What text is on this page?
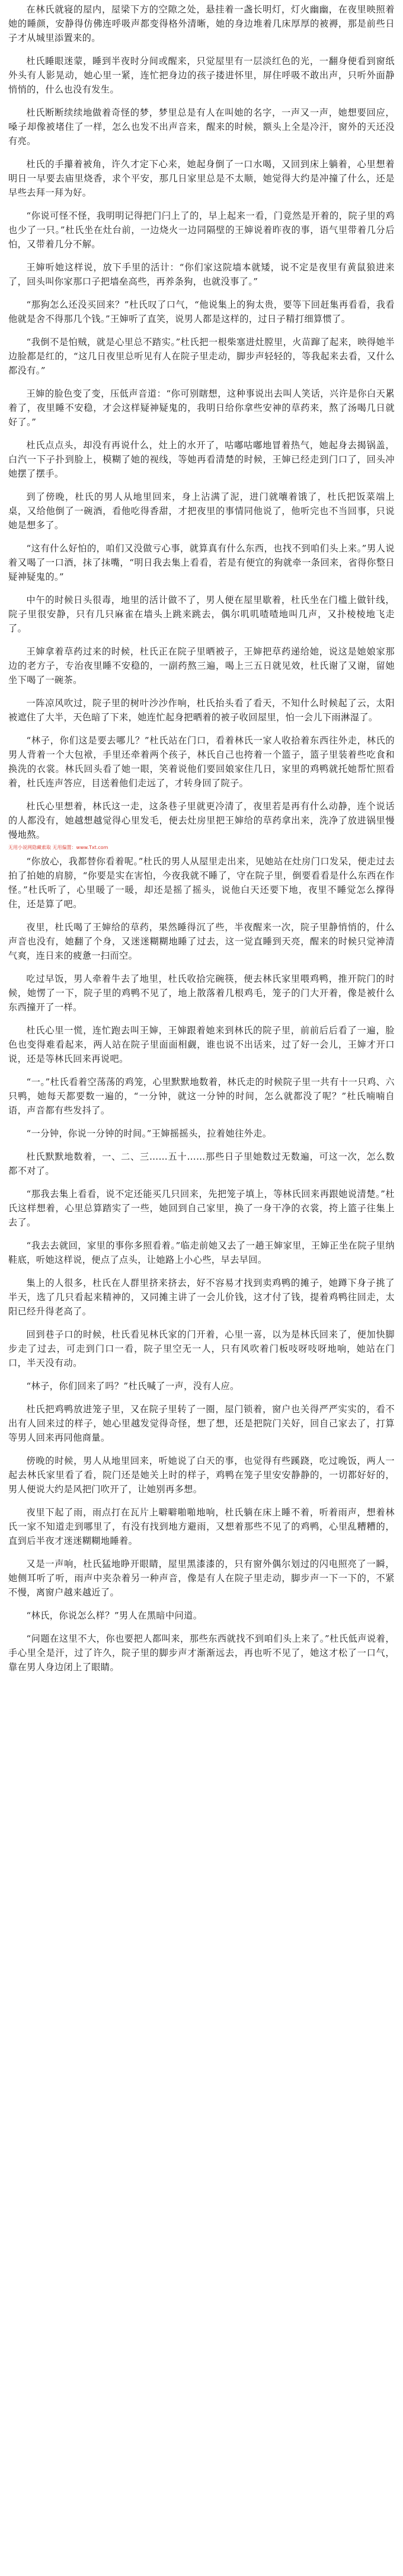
在林氏就寝的屋内，屋梁下方的空隙之处，悬挂着一盏长明灯，灯火幽幽，在夜里映照着她的睡颜，安静得仿佛连呼吸声都变得格外清晰，她的身边堆着几床厚厚的被褥，那是前些日子才从城里添置来的。

杜氏睡眼迷蒙，睡到半夜时分间或醒来，只觉屋里有一层淡红色的光，一翻身便看到窗纸外头有人影晃动，她心里一紧，连忙把身边的孩子搂进怀里，屏住呼吸不敢出声，只听外面静悄悄的，什么也没有发生。

杜氏断断续续地做着奇怪的梦，梦里总是有人在叫她的名字，一声又一声，她想要回应，嗓子却像被堵住了一样，怎么也发不出声音来，醒来的时候，额头上全是冷汗，窗外的天还没有亮。

杜氏的手攥着被角，许久才定下心来，她起身倒了一口水喝，又回到床上躺着，心里想着明日一早要去庙里烧香，求个平安，那几日家里总是不太顺，她觉得大约是冲撞了什么，还是早些去拜一拜为好。

“你说可怪不怪，我明明记得把门闩上了的，早上起来一看，门竟然是开着的，院子里的鸡也少了一只。”杜氏坐在灶台前，一边烧火一边同隔壁的王婶说着昨夜的事，语气里带着几分后怕，又带着几分不解。

王婶听她这样说，放下手里的活计：“你们家这院墙本就矮，说不定是夜里有黄鼠狼进来了，回头叫你家那口子把墙垒高些，再养条狗，也就没事了。”

“那狗怎么还没买回来？”杜氏叹了口气，“他说集上的狗太贵，要等下回赶集再看看，我看他就是舍不得那几个钱。”王婶听了直笑，说男人都是这样的，过日子精打细算惯了。

“我倒不是怕贼，就是心里总不踏实。”杜氏把一根柴塞进灶膛里，火苗蹿了起来，映得她半边脸都是红的，“这几日夜里总听见有人在院子里走动，脚步声轻轻的，等我起来去看，又什么都没有。”

王婶的脸色变了变，压低声音道：“你可别瞎想，这种事说出去叫人笑话，兴许是你白天累着了，夜里睡不安稳，才会这样疑神疑鬼的，我明日给你拿些安神的草药来，熬了汤喝几日就好了。”

杜氏点点头，却没有再说什么，灶上的水开了，咕嘟咕嘟地冒着热气，她起身去揭锅盖，白汽一下子扑到脸上，模糊了她的视线，等她再看清楚的时候，王婶已经走到门口了，回头冲她摆了摆手。

到了傍晚，杜氏的男人从地里回来，身上沾满了泥，进门就嚷着饿了，杜氏把饭菜端上桌，又给他倒了一碗酒，看他吃得香甜，才把夜里的事情同他说了，他听完也不当回事，只说她是想多了。

“这有什么好怕的，咱们又没做亏心事，就算真有什么东西，也找不到咱们头上来。”男人说着又喝了一口酒，抹了抹嘴，“明日我去集上看看，若是有便宜的狗就牵一条回来，省得你整日疑神疑鬼的。”

中午的时候日头很毒，地里的活计做不了，男人便在屋里歇着，杜氏坐在门槛上做针线，院子里很安静，只有几只麻雀在墙头上跳来跳去，偶尔叽叽喳喳地叫几声，又扑棱棱地飞走了。

王婶拿着草药过来的时候，杜氏正在院子里晒被子，王婶把草药递给她，说这是她娘家那边的老方子，专治夜里睡不安稳的，一副药熬三遍，喝上三五日就见效，杜氏谢了又谢，留她坐下喝了一碗茶。

一阵凉风吹过，院子里的树叶沙沙作响，杜氏抬头看了看天，不知什么时候起了云，太阳被遮住了大半，天色暗了下来，她连忙起身把晒着的被子收回屋里，怕一会儿下雨淋湿了。

“林子，你们这是要去哪儿？”杜氏站在门口，看着林氏一家人收拾着东西往外走，林氏的男人背着一个大包袱，手里还牵着两个孩子，林氏自己也挎着一个篮子，篮子里装着些吃食和换洗的衣裳。林氏回头看了她一眼，笑着说他们要回娘家住几日，家里的鸡鸭就托她帮忙照看着，杜氏连声答应，目送着他们走远了，才转身回了院子。

杜氏心里想着，林氏这一走，这条巷子里就更冷清了，夜里若是再有什么动静，连个说话的人都没有，她越想越觉得心里发毛，便去灶房里把王婶给的草药拿出来，洗净了放进锅里慢慢地熬。

无用小说网隐藏索取 无用偏置：www.Txt.com

“你放心，我都替你看着呢。”杜氏的男人从屋里走出来，见她站在灶房门口发呆，便走过去拍了拍她的肩膀，“你要是实在害怕，今夜我就不睡了，守在院子里，倒要看看是什么东西在作怪。”杜氏听了，心里暖了一暖，却还是摇了摇头，说他白天还要下地，夜里不睡觉怎么撑得住，还是算了吧。

夜里，杜氏喝了王婶给的草药，果然睡得沉了些，半夜醒来一次，院子里静悄悄的，什么声音也没有，她翻了个身，又迷迷糊糊地睡了过去，这一觉直睡到天亮，醒来的时候只觉神清气爽，连日来的疲惫一扫而空。

吃过早饭，男人牵着牛去了地里，杜氏收拾完碗筷，便去林氏家里喂鸡鸭，推开院门的时候，她愣了一下，院子里的鸡鸭不见了，地上散落着几根鸡毛，笼子的门大开着，像是被什么东西撞开了一样。

杜氏心里一慌，连忙跑去叫王婶，王婶跟着她来到林氏的院子里，前前后后看了一遍，脸色也变得难看起来，两人站在院子里面面相觑，谁也说不出话来，过了好一会儿，王婶才开口说，还是等林氏回来再说吧。

“一。”杜氏看着空荡荡的鸡笼，心里默默地数着，林氏走的时候院子里一共有十一只鸡、六只鸭，她每天都要数一遍的，“一分钟，就这一分钟的时间，怎么就都没了呢？”杜氏喃喃自语，声音都有些发抖了。

“一分钟，你说一分钟的时间。”王婶摇摇头，拉着她往外走。

杜氏默默地数着，一、二、三……五十……那些日子里她数过无数遍，可这一次，怎么数都不对了。

“那我去集上看看，说不定还能买几只回来，先把笼子填上，等林氏回来再跟她说清楚。”杜氏这样想着，心里总算踏实了一些，她回到自己家里，换了一身干净的衣裳，挎上篮子往集上去了。

“我去去就回，家里的事你多照看着。”临走前她又去了一趟王婶家里，王婶正坐在院子里纳鞋底，听她这样说，便点了点头，让她路上小心些，早去早回。

集上的人很多，杜氏在人群里挤来挤去，好不容易才找到卖鸡鸭的摊子，她蹲下身子挑了半天，选了几只看起来精神的，又同摊主讲了一会儿价钱，这才付了钱，提着鸡鸭往回走，太阳已经升得老高了。

回到巷子口的时候，杜氏看见林氏家的门开着，心里一喜，以为是林氏回来了，便加快脚步走了过去，可走到门口一看，院子里空无一人，只有风吹着门板吱呀吱呀地响，她站在门口，半天没有动。

“林子，你们回来了吗？”杜氏喊了一声，没有人应。

杜氏把鸡鸭放进笼子里，又在院子里转了一圈，屋门锁着，窗户也关得严严实实的，看不出有人回来过的样子，她心里越发觉得奇怪，想了想，还是把院门关好，回自己家去了，打算等男人回来再同他商量。

傍晚的时候，男人从地里回来，听她说了白天的事，也觉得有些蹊跷，吃过晚饭，两人一起去林氏家里看了看，院门还是她关上时的样子，鸡鸭在笼子里安安静静的，一切都好好的，男人便说大约是风把门吹开了，让她别再多想。

夜里下起了雨，雨点打在瓦片上噼噼啪啪地响，杜氏躺在床上睡不着，听着雨声，想着林氏一家不知道走到哪里了，有没有找到地方避雨，又想着那些不见了的鸡鸭，心里乱糟糟的，直到后半夜才迷迷糊糊地睡着。

又是一声响，杜氏猛地睁开眼睛，屋里黑漆漆的，只有窗外偶尔划过的闪电照亮了一瞬，她侧耳听了听，雨声中夹杂着另一种声音，像是有人在院子里走动，脚步声一下一下的，不紧不慢，离窗户越来越近了。

“林氏，你说怎么样？”男人在黑暗中问道。

“问题在这里不大，你也要把人都叫来，那些东西就找不到咱们头上来了。”杜氏低声说着，手心里全是汗，过了许久，院子里的脚步声才渐渐远去，再也听不见了，她这才松了一口气，靠在男人身边闭上了眼睛。
